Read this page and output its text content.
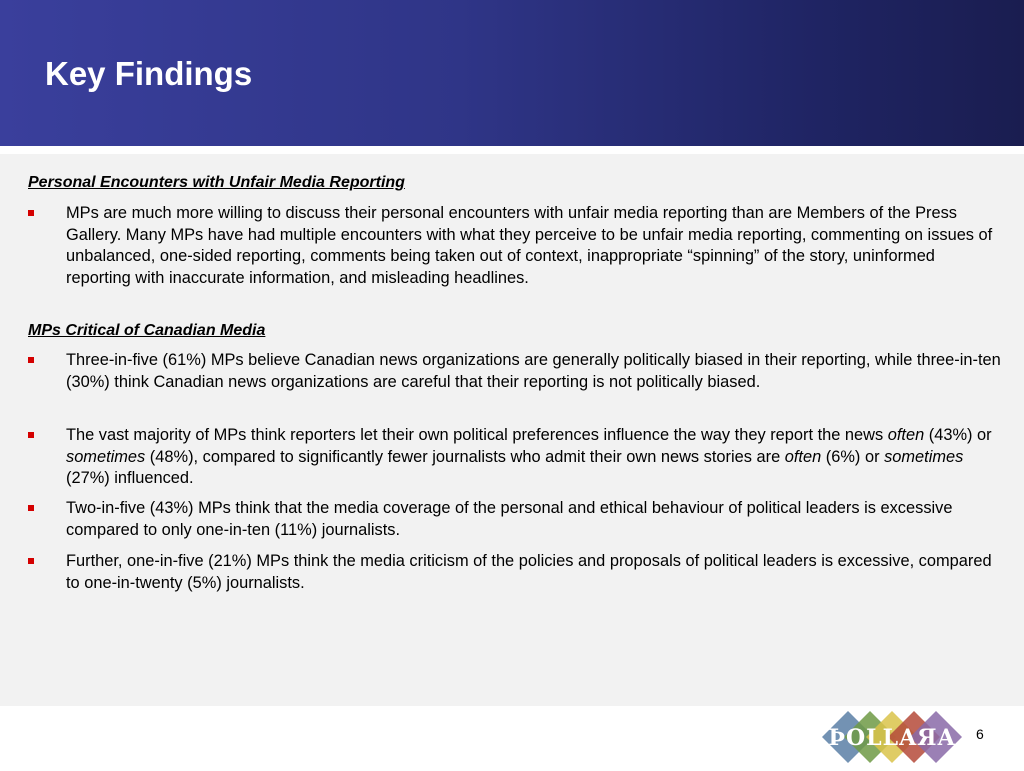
Key Findings
Personal Encounters with Unfair Media Reporting
MPs are much more willing to discuss their personal encounters with unfair media reporting than are Members of the Press Gallery. Many MPs have had multiple encounters with what they perceive to be unfair media reporting, commenting on issues of unbalanced, one-sided reporting, comments being taken out of context, inappropriate “spinning” of the story, uninformed reporting with inaccurate information, and misleading headlines.
MPs Critical of Canadian Media
Three-in-five (61%) MPs believe Canadian news organizations are generally politically biased in their reporting, while three-in-ten (30%) think Canadian news organizations are careful that their reporting is not politically biased.
The vast majority of MPs think reporters let their own political preferences influence the way they report the news often (43%) or sometimes (48%), compared to significantly fewer journalists who admit their own news stories are often (6%) or sometimes (27%) influenced.
Two-in-five (43%) MPs think that the media coverage of the personal and ethical behaviour of political leaders is excessive compared to only one-in-ten (11%) journalists.
Further, one-in-five (21%) MPs think the media criticism of the policies and proposals of political leaders is excessive, compared to one-in-twenty (5%) journalists.
ÞOLLAЯA 6
